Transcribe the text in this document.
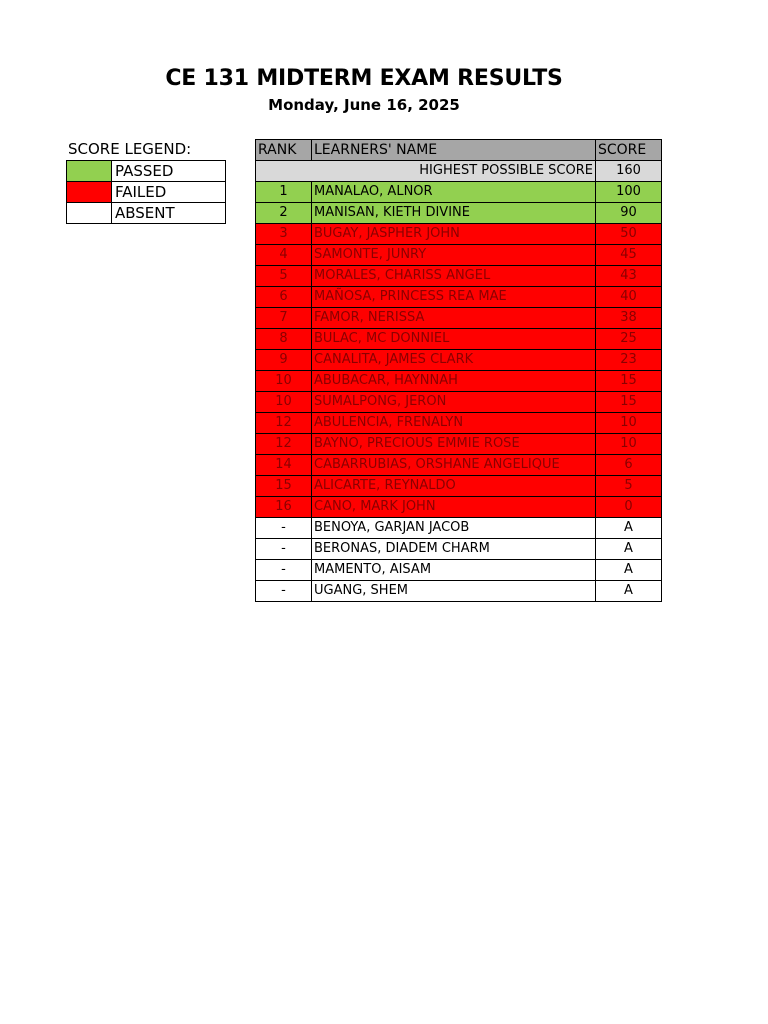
CE 131 MIDTERM EXAM RESULTS
Monday, June 16, 2025
SCORE LEGEND:
	PASSED
	FAILED
	ABSENT
RANK	LEARNERS' NAME	SCORE
HIGHEST POSSIBLE SCORE		160
1	MANALAO, ALNOR	100
2	MANISAN, KIETH DIVINE	90
3	BUGAY, JASPHER JOHN	50
4	SAMONTE, JUNRY	45
5	MORALES, CHARISS ANGEL	43
6	MAÑOSA, PRINCESS REA MAE	40
7	FAMOR, NERISSA	38
8	BULAC, MC DONNIEL	25
9	CANALITA, JAMES CLARK	23
10	ABUBACAR, HAYNNAH	15
10	SUMALPONG, JERON	15
12	ABULENCIA, FRENALYN	10
12	BAYNO, PRECIOUS EMMIE ROSE	10
14	CABARRUBIAS, ORSHANE ANGELIQUE	6
15	ALICARTE, REYNALDO	5
16	CANO, MARK JOHN	0
-	BENOYA, GARJAN JACOB	A
-	BERONAS, DIADEM CHARM	A
-	MAMENTO, AISAM	A
-	UGANG, SHEM	A
